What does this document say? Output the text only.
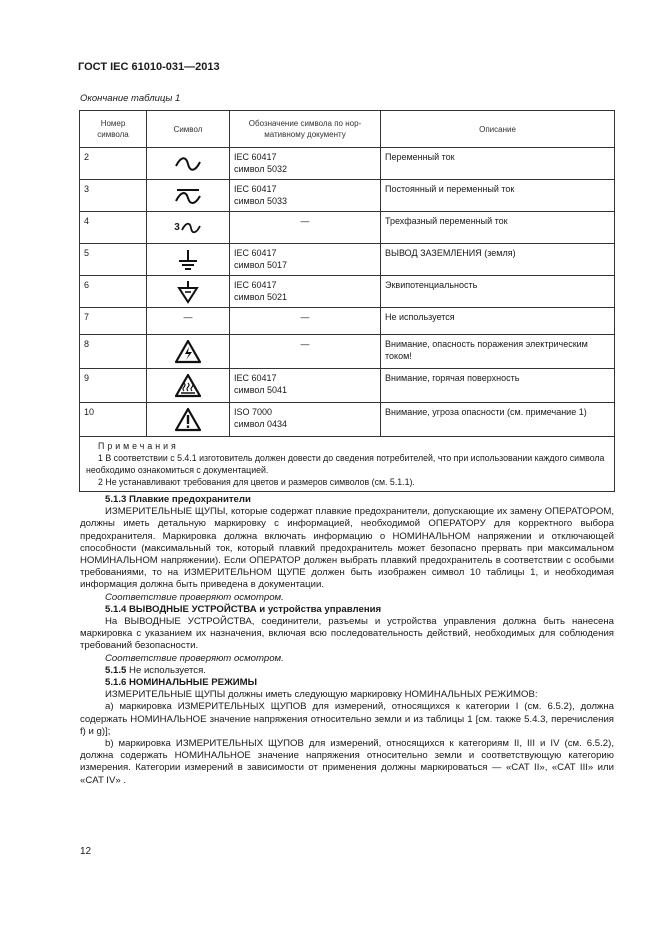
ГОСТ IEC 61010-031—2013
Окончание таблицы 1
Номер символа	Символ	Обозначение символа по нор-мативному документу	Описание
2		IEC 60417
символ 5032	Переменный ток
3		IEC 60417
символ 5033	Постоянный и переменный ток
4	3	—	Трехфазный переменный ток
5		IEC 60417
символ 5017	ВЫВОД ЗАЗЕМЛЕНИЯ (земля)
6		IEC 60417
символ 5021	Эквипотенциальность
7	—	—	Не используется
8		—	Внимание, опасность поражения электрическим током!
9		IEC 60417
символ 5041	Внимание, горячая поверхность
10		ISO 7000
символ 0434	Внимание, угроза опасности (см. примечание 1)

Примечания
1 В соответствии с 5.4.1 изготовитель должен довести до сведения потребителей, что при использовании каждого символа необходимо ознакомиться с документацией.
2 Не устанавливают требования для цветов и размеров символов (см. 5.1.1).			

5.1.3 Плавкие предохранители

ИЗМЕРИТЕЛЬНЫЕ ЩУПЫ, которые содержат плавкие предохранители, допускающие их замену ОПЕРАТОРОМ, должны иметь детальную маркировку с информацией, необходимой ОПЕРАТОРУ для корректного выбора предохранителя. Маркировка должна включать информацию о НОМИНАЛЬНОМ напряжении и отключающей способности (максимальный ток, который плавкий предохранитель может безопасно прервать при максимальном НОМИНАЛЬНОМ напряжении). Если ОПЕРАТОР должен выбрать плавкий предохранитель в соответствии с особыми требованиями, то на ИЗМЕРИТЕЛЬНОМ ЩУПЕ должен быть изображен символ 10 таблицы 1, и необходимая информация должна быть приведена в документации.

Соответствие проверяют осмотром.

5.1.4 ВЫВОДНЫЕ УСТРОЙСТВА и устройства управления

На ВЫВОДНЫЕ УСТРОЙСТВА, соединители, разъемы и устройства управления должна быть нанесена маркировка с указанием их назначения, включая всю последовательность действий, необходимых для соблюдения требований безопасности.

Соответствие проверяют осмотром.

5.1.5 Не используется.

5.1.6 НОМИНАЛЬНЫЕ РЕЖИМЫ

ИЗМЕРИТЕЛЬНЫЕ ЩУПЫ должны иметь следующую маркировку НОМИНАЛЬНЫХ РЕЖИМОВ:

а) маркировка ИЗМЕРИТЕЛЬНЫХ ЩУПОВ для измерений, относящихся к категории I (см. 6.5.2), должна содержать НОМИНАЛЬНОЕ значение напряжения относительно земли и из таблицы 1 [см. также 5.4.3, перечисления f) и g)];

b) маркировка ИЗМЕРИТЕЛЬНЫХ ЩУПОВ для измерений, относящихся к категориям II, III и IV (см. 6.5.2), должна содержать НОМИНАЛЬНОЕ значение напряжения относительно земли и соответствующую категорию измерения. Категории измерений в зависимости от применения должны маркироваться — «CAT II», «CAT III» или «CAT IV» .

12
